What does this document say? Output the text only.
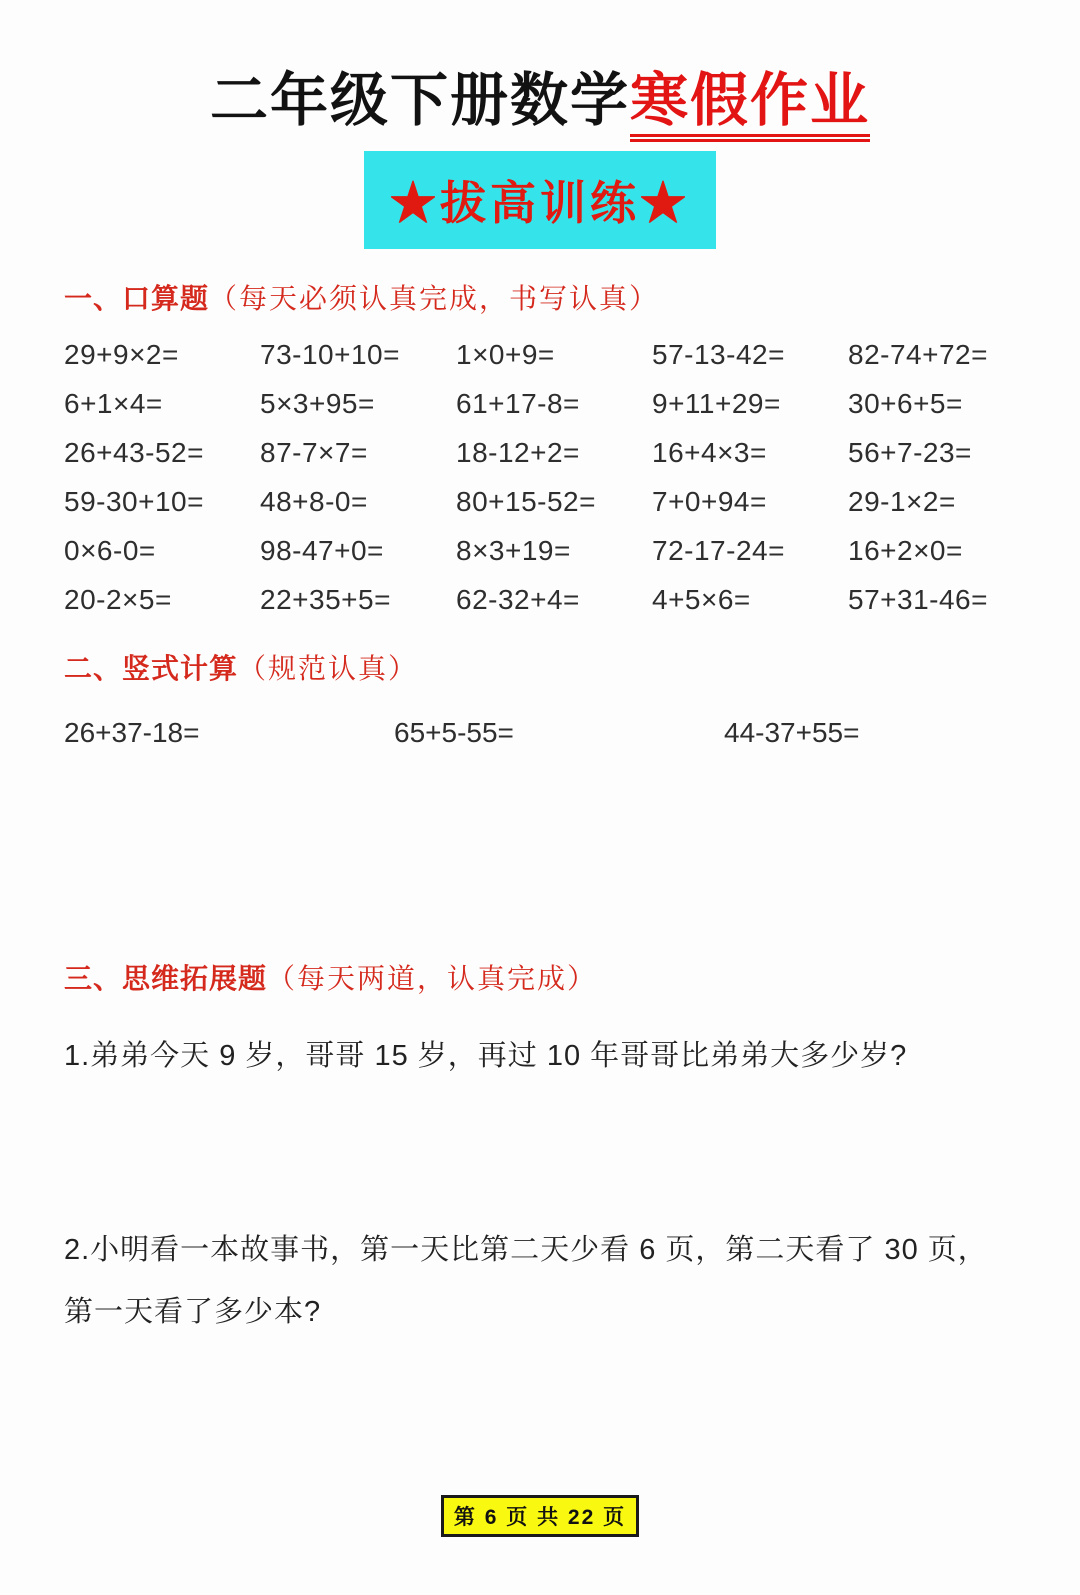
二年级下册数学寒假作业
★拔高训练★
一、口算题（每天必须认真完成，书写认真）
29+9×2=	73-10+10=	1×0+9=	57-13-42=	82-74+72=
6+1×4=	5×3+95=	61+17-8=	9+11+29=	30+6+5=
26+43-52=	87-7×7=	18-12+2=	16+4×3=	56+7-23=
59-30+10=	48+8-0=	80+15-52=	7+0+94=	29-1×2=
0×6-0=	98-47+0=	8×3+19=	72-17-24=	16+2×0=
20-2×5=	22+35+5=	62-32+4=	4+5×6=	57+31-46=
二、竖式计算（规范认真）
26+37-18=	65+5-55=	44-37+55=
三、思维拓展题（每天两道，认真完成）
1.弟弟今天 9 岁，哥哥 15 岁，再过 10 年哥哥比弟弟大多少岁?
2.小明看一本故事书，第一天比第二天少看 6 页，第二天看了 30 页，第一天看了多少本?
第 6 页 共 22 页
